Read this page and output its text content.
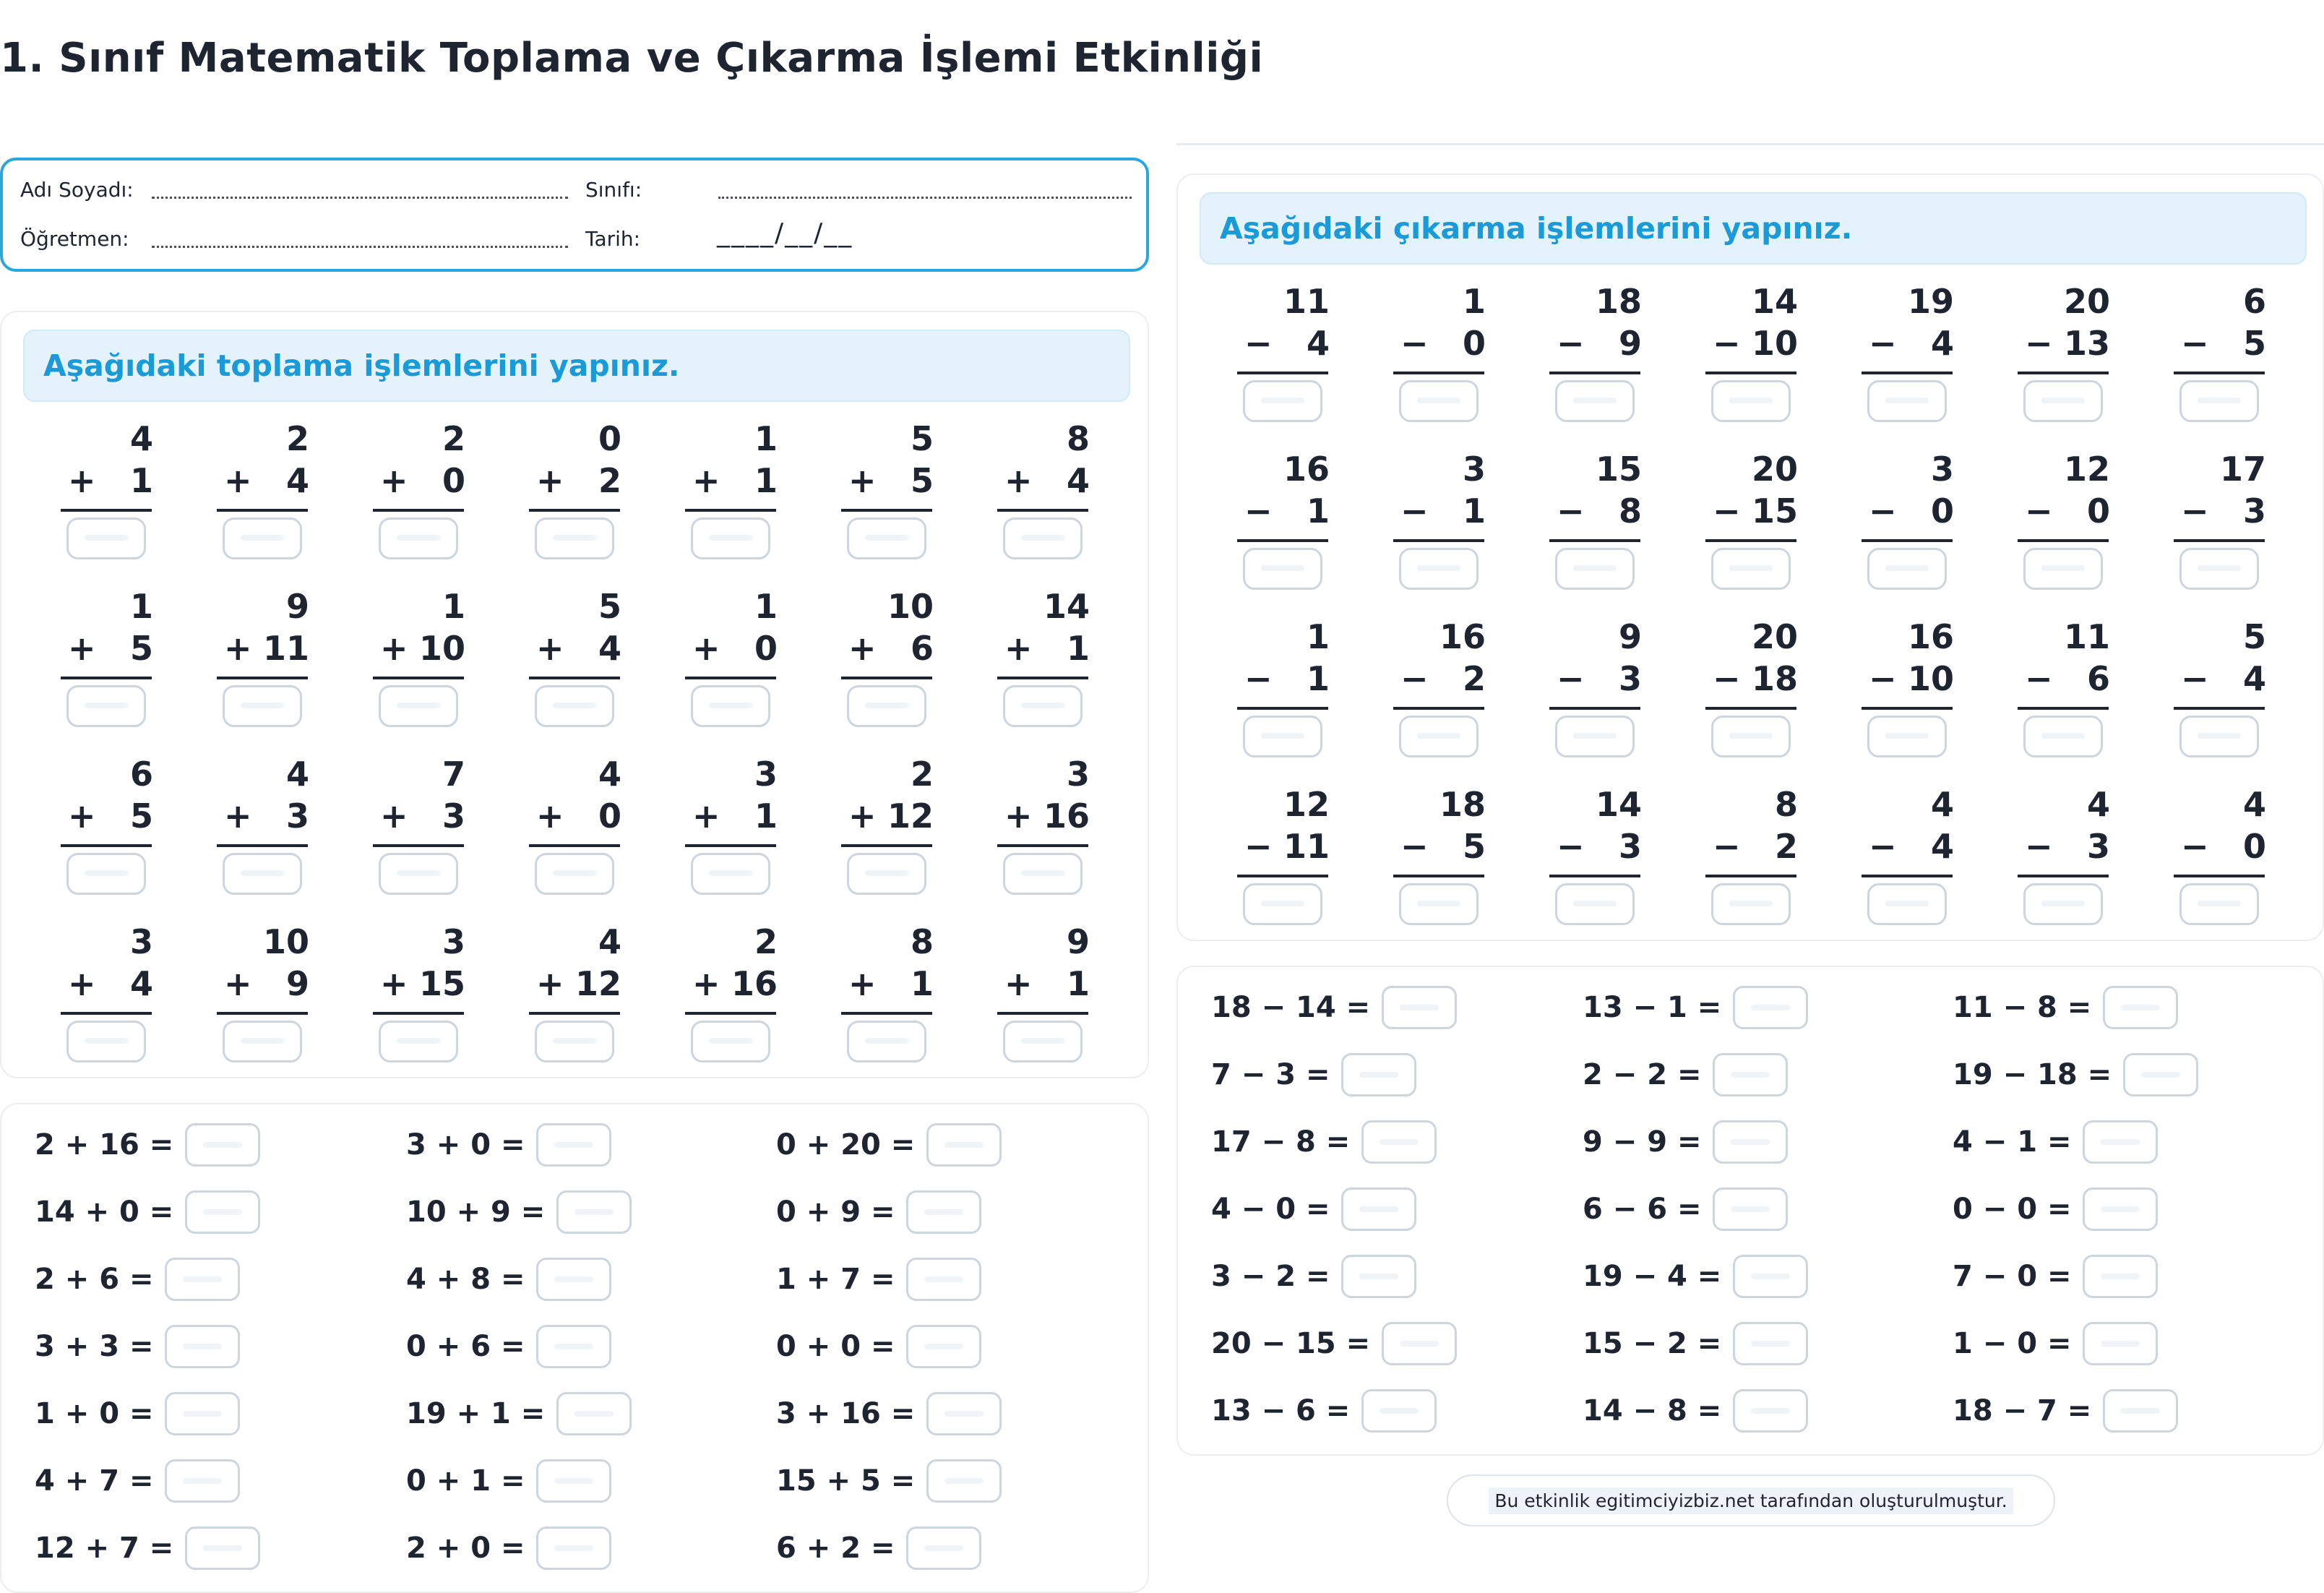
1. Sınıf Matematik Toplama ve Çıkarma İşlemi Etkinliği
Adı Soyadı:	Sınıfı:
Öğretmen:	Tarih:	____/__/__
Aşağıdaki toplama işlemlerini yapınız.
4
+ 1
2
+ 4
2
+ 0
0
+ 2
1
+ 1
5
+ 5
8
+ 4
1
+ 5
9
+ 11
1
+ 10
5
+ 4
1
+ 0
10
+ 6
14
+ 1
6
+ 5
4
+ 3
7
+ 3
4
+ 0
3
+ 1
2
+ 12
3
+ 16
3
+ 4
10
+ 9
3
+ 15
4
+ 12
2
+ 16
8
+ 1
9
+ 1
2 + 16 =
14 + 0 =
2 + 6 =
3 + 3 =
1 + 0 =
4 + 7 =
12 + 7 =
3 + 0 =
10 + 9 =
4 + 8 =
0 + 6 =
19 + 1 =
0 + 1 =
2 + 0 =
0 + 20 =
0 + 9 =
1 + 7 =
0 + 0 =
3 + 16 =
15 + 5 =
6 + 2 =
Aşağıdaki çıkarma işlemlerini yapınız.
11
− 4
1
− 0
18
− 9
14
− 10
19
− 4
20
− 13
6
− 5
16
− 1
3
− 1
15
− 8
20
− 15
3
− 0
12
− 0
17
− 3
1
− 1
16
− 2
9
− 3
20
− 18
16
− 10
11
− 6
5
− 4
12
− 11
18
− 5
14
− 3
8
− 2
4
− 4
4
− 3
4
− 0
18 − 14 =
7 − 3 =
17 − 8 =
4 − 0 =
3 − 2 =
20 − 15 =
13 − 6 =
13 − 1 =
2 − 2 =
9 − 9 =
6 − 6 =
19 − 4 =
15 − 2 =
14 − 8 =
11 − 8 =
19 − 18 =
4 − 1 =
0 − 0 =
7 − 0 =
1 − 0 =
18 − 7 =
Bu etkinlik egitimciyizbiz.net tarafından oluşturulmuştur.
